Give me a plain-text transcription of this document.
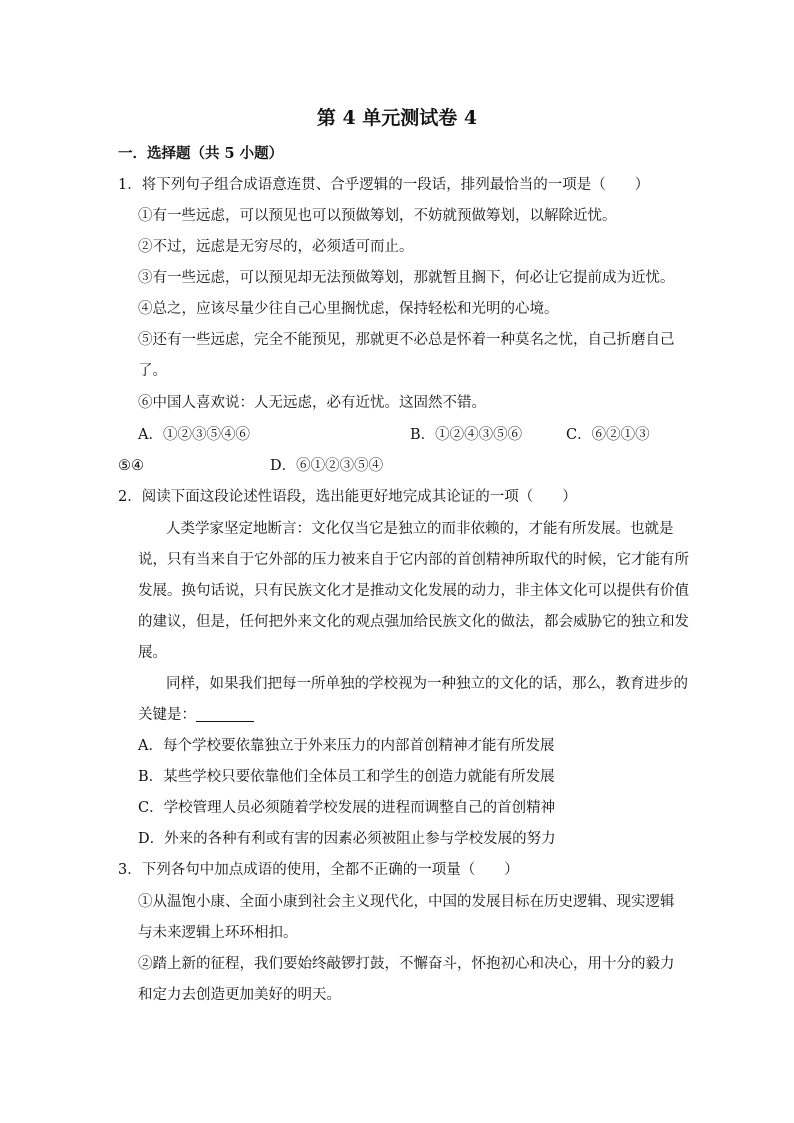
第 4 单元测试卷 4
一．选择题（共 5 小题）
1．将下列句子组合成语意连贯、合乎逻辑的一段话，排列最恰当的一项是（　　）
①有一些远虑，可以预见也可以预做筹划，不妨就预做筹划，以解除近忧。
②不过，远虑是无穷尽的，必须适可而止。
③有一些远虑，可以预见却无法预做筹划，那就暂且搁下，何必让它提前成为近忧。
④总之，应该尽量少往自己心里搁忧虑，保持轻松和光明的心境。
⑤还有一些远虑，完全不能预见，那就更不必总是怀着一种莫名之忧，自己折磨自己
了。
⑥中国人喜欢说：人无远虑，必有近忧。这固然不错。
A．①②③⑤④⑥	B．①②④③⑤⑥	C．⑥②①③
⑤④	D．⑥①②③⑤④
2．阅读下面这段论述性语段，选出能更好地完成其论证的一项（　　）
人类学家坚定地断言：文化仅当它是独立的而非依赖的，才能有所发展。也就是
说，只有当来自于它外部的压力被来自于它内部的首创精神所取代的时候，它才能有所
发展。换句话说，只有民族文化才是推动文化发展的动力，非主体文化可以提供有价值
的建议，但是，任何把外来文化的观点强加给民族文化的做法，都会威胁它的独立和发
展。
同样，如果我们把每一所单独的学校视为一种独立的文化的话，那么，教育进步的
关键是：
A．每个学校要依靠独立于外来压力的内部首创精神才能有所发展
B．某些学校只要依靠他们全体员工和学生的创造力就能有所发展
C．学校管理人员必须随着学校发展的进程而调整自己的首创精神
D．外来的各种有利或有害的因素必须被阻止参与学校发展的努力
3．下列各句中加点成语的使用，全都不正确的一项量（　　）
①从温饱小康、全面小康到社会主义现代化，中国的发展目标在历史逻辑、现实逻辑
与未来逻辑上环环相扣。
②踏上新的征程，我们要始终敲锣打鼓，不懈奋斗，怀抱初心和决心，用十分的毅力
和定力去创造更加美好的明天。
